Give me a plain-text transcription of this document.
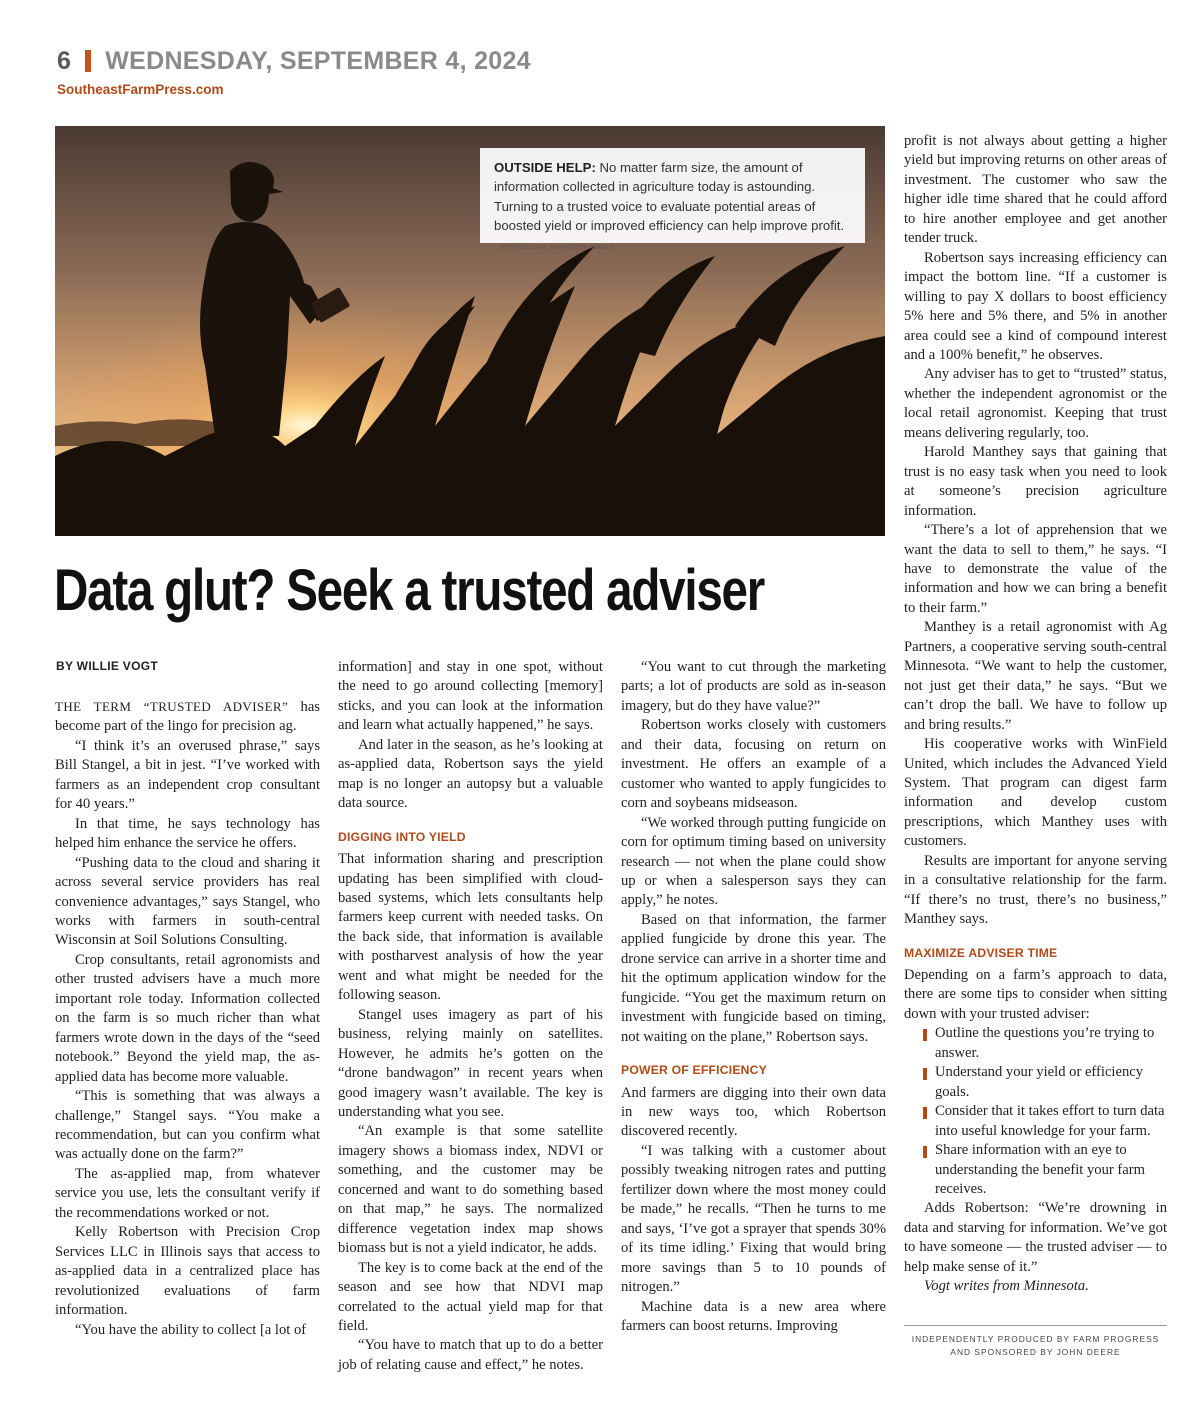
6 WEDNESDAY, SEPTEMBER 4, 2024
SoutheastFarmPress.com
OUTSIDE HELP: No matter farm size, the amount of information collected in agriculture today is astounding. Turning to a trusted voice to evaluate potential areas of boosted yield or improved efficiency can help improve profit. STOCKSELLER_UKR/GETTY IMAGES
Data glut? Seek a trusted adviser
BY WILLIE VOGT

THE TERM “TRUSTED ADVISER” has become part of the lingo for precision ag.

“I think it’s an overused phrase,” says Bill Stangel, a bit in jest. “I’ve worked with farmers as an independent crop consultant for 40 years.”

In that time, he says technology has helped him enhance the service he offers.

“Pushing data to the cloud and sharing it across several service providers has real convenience advantages,” says Stangel, who works with farmers in south-central Wisconsin at Soil Solutions Consulting.

Crop consultants, retail agronomists and other trusted advisers have a much more important role today. Information collected on the farm is so much richer than what farmers wrote down in the days of the “seed notebook.” Beyond the yield map, the as-applied data has become more valuable.

“This is something that was always a challenge,” Stangel says. “You make a recommendation, but can you confirm what was actually done on the farm?”

The as-applied map, from whatever service you use, lets the consultant verify if the recommendations worked or not.

Kelly Robertson with Precision Crop Services LLC in Illinois says that access to as-applied data in a centralized place has revolutionized evaluations of farm information.

“You have the ability to collect [a lot of

information] and stay in one spot, without the need to go around collecting [memory] sticks, and you can look at the information and learn what actually happened,” he says.

And later in the season, as he’s looking at as-applied data, Robertson says the yield map is no longer an autopsy but a valuable data source.

DIGGING INTO YIELD

That information sharing and prescription updating has been simplified with cloud-based systems, which lets consultants help farmers keep current with needed tasks. On the back side, that information is available with postharvest analysis of how the year went and what might be needed for the following season.

Stangel uses imagery as part of his business, relying mainly on satellites. However, he admits he’s gotten on the “drone bandwagon” in recent years when good imagery wasn’t available. The key is understanding what you see.

“An example is that some satellite imagery shows a biomass index, NDVI or something, and the customer may be concerned and want to do something based on that map,” he says. The normalized difference vegetation index map shows biomass but is not a yield indicator, he adds.

The key is to come back at the end of the season and see how that NDVI map correlated to the actual yield map for that field.

“You have to match that up to do a better job of relating cause and effect,” he notes.

“You want to cut through the marketing parts; a lot of products are sold as in-season imagery, but do they have value?”

Robertson works closely with customers and their data, focusing on return on investment. He offers an example of a customer who wanted to apply fungicides to corn and soybeans midseason.

“We worked through putting fungicide on corn for optimum timing based on university research — not when the plane could show up or when a salesperson says they can apply,” he notes.

Based on that information, the farmer applied fungicide by drone this year. The drone service can arrive in a shorter time and hit the optimum application window for the fungicide. “You get the maximum return on investment with fungicide based on timing, not waiting on the plane,” Robertson says.

POWER OF EFFICIENCY

And farmers are digging into their own data in new ways too, which Robertson discovered recently.

“I was talking with a customer about possibly tweaking nitrogen rates and putting fertilizer down where the most money could be made,” he recalls. “Then he turns to me and says, ‘I’ve got a sprayer that spends 30% of its time idling.’ Fixing that would bring more savings than 5 to 10 pounds of nitrogen.”

Machine data is a new area where farmers can boost returns. Improving

profit is not always about getting a higher yield but improving returns on other areas of investment. The customer who saw the higher idle time shared that he could afford to hire another employee and get another tender truck.

Robertson says increasing efficiency can impact the bottom line. “If a customer is willing to pay X dollars to boost efficiency 5% here and 5% there, and 5% in another area could see a kind of compound interest and a 100% benefit,” he observes.

Any adviser has to get to “trusted” status, whether the independent agronomist or the local retail agronomist. Keeping that trust means delivering regularly, too.

Harold Manthey says that gaining that trust is no easy task when you need to look at someone’s precision agriculture information.

“There’s a lot of apprehension that we want the data to sell to them,” he says. “I have to demonstrate the value of the information and how we can bring a benefit to their farm.”

Manthey is a retail agronomist with Ag Partners, a cooperative serving south-central Minnesota. “We want to help the customer, not just get their data,” he says. “But we can’t drop the ball. We have to follow up and bring results.”

His cooperative works with WinField United, which includes the Advanced Yield System. That program can digest farm information and develop custom prescriptions, which Manthey uses with customers.

Results are important for anyone serving in a consultative relationship for the farm. “If there’s no trust, there’s no business,” Manthey says.

MAXIMIZE ADVISER TIME

Depending on a farm’s approach to data, there are some tips to consider when sitting down with your trusted adviser:

Outline the questions you’re trying to answer.
Understand your yield or efficiency goals.
Consider that it takes effort to turn data into useful knowledge for your farm.
Share information with an eye to understanding the benefit your farm receives.

Adds Robertson: “We’re drowning in data and starving for information. We’ve got to have someone — the trusted adviser — to help make sense of it.”

Vogt writes from Minnesota.

INDEPENDENTLY PRODUCED BY FARM PROGRESS
AND SPONSORED BY JOHN DEERE
